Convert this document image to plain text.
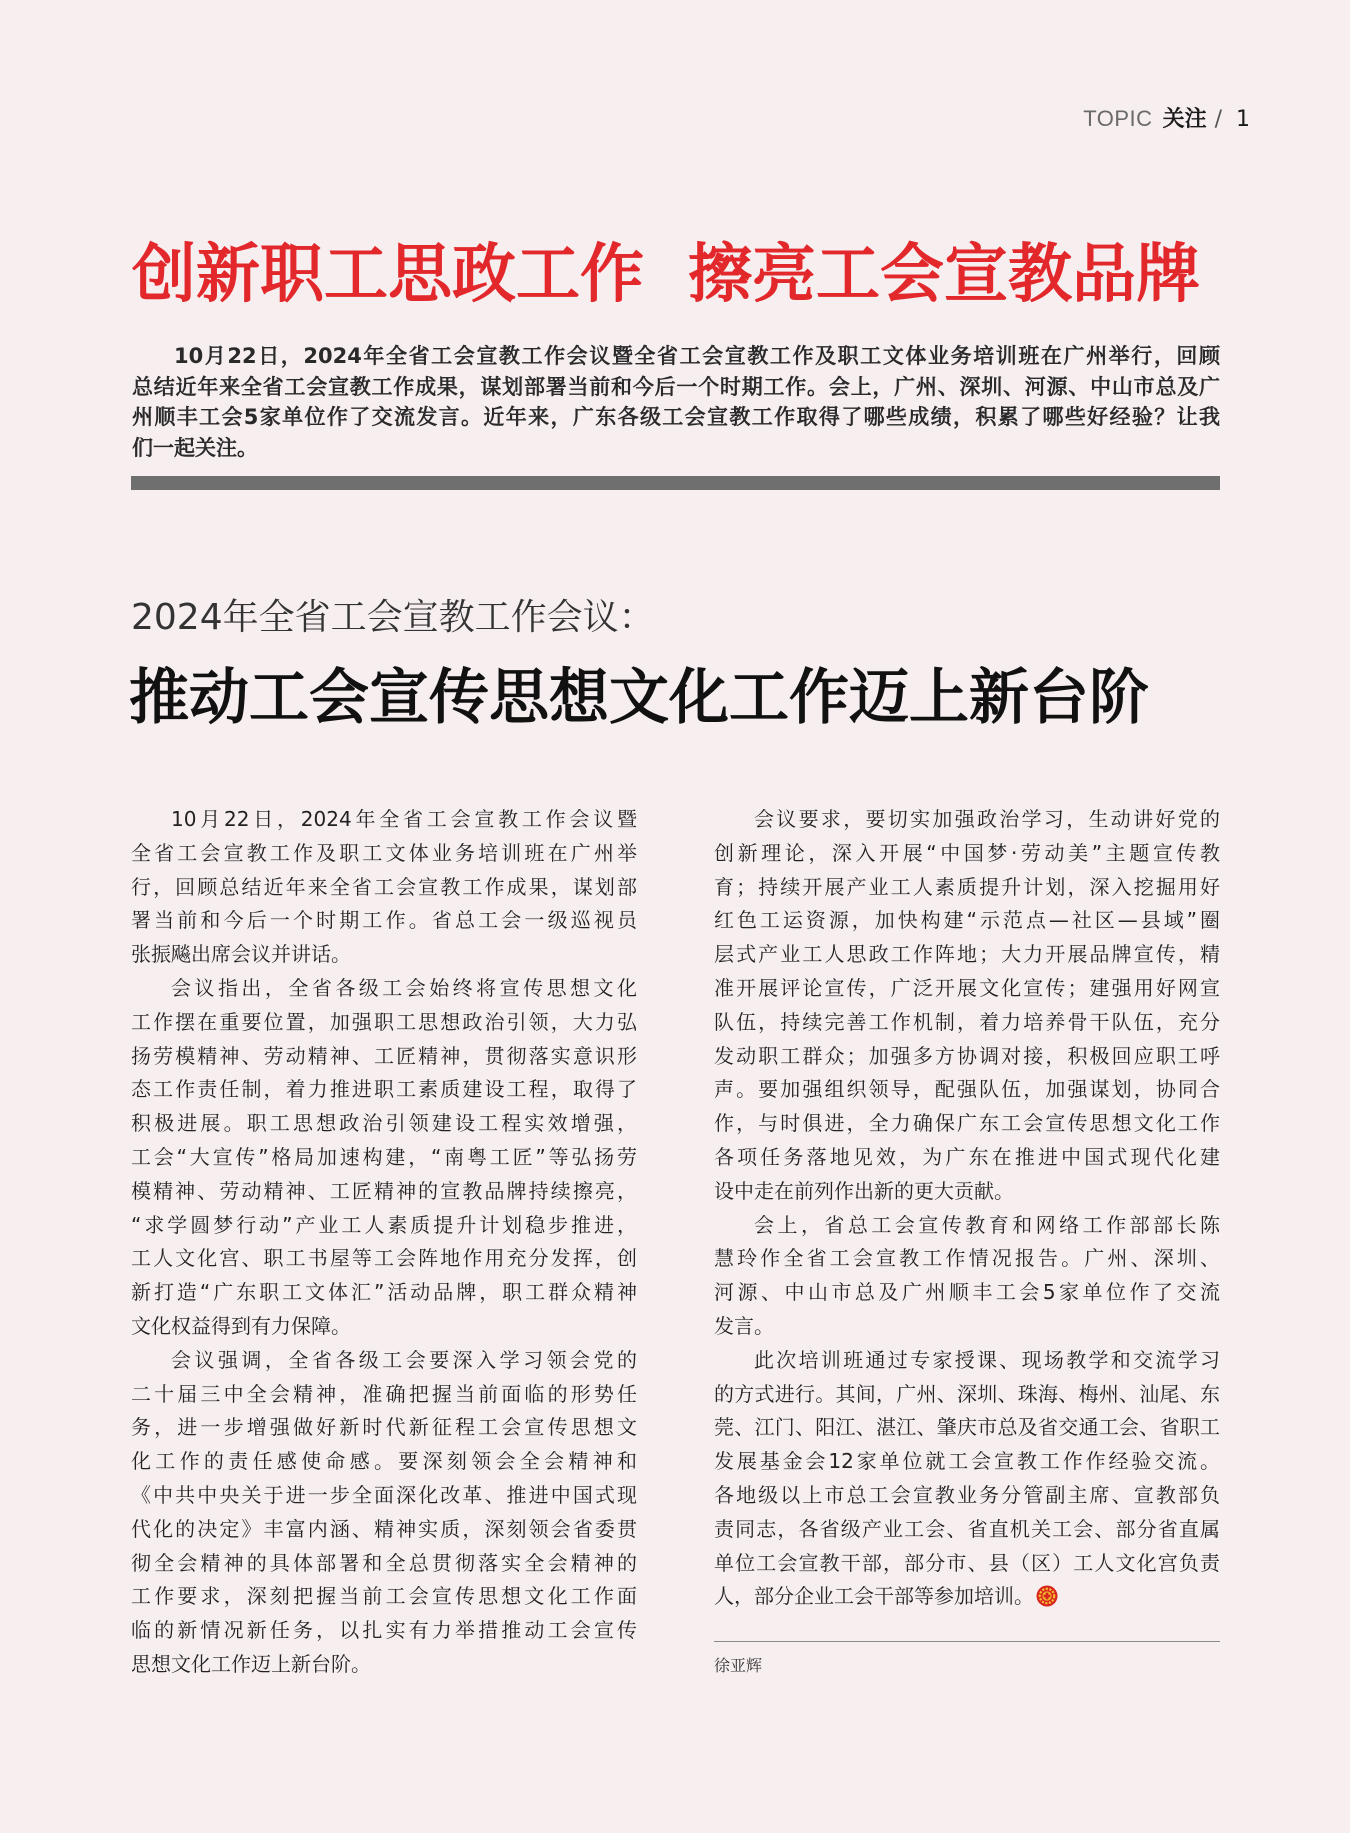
TOPIC 关注 / 1
创新职工思政工作 擦亮工会宣教品牌
10月22日，2024年全省工会宣教工作会议暨全省工会宣教工作及职工文体业务培训班在广州举行，回顾
总结近年来全省工会宣教工作成果，谋划部署当前和今后一个时期工作。会上，广州、深圳、河源、中山市总及广
州顺丰工会5家单位作了交流发言。近年来，广东各级工会宣教工作取得了哪些成绩，积累了哪些好经验？让我
们一起关注。
2024年全省工会宣教工作会议：
推动工会宣传思想文化工作迈上新台阶
10月22日，2024年全省工会宣教工作会议暨
全省工会宣教工作及职工文体业务培训班在广州举
行，回顾总结近年来全省工会宣教工作成果，谋划部
署当前和今后一个时期工作。省总工会一级巡视员
张振飚出席会议并讲话。
会议指出，全省各级工会始终将宣传思想文化
工作摆在重要位置，加强职工思想政治引领，大力弘
扬劳模精神、劳动精神、工匠精神，贯彻落实意识形
态工作责任制，着力推进职工素质建设工程，取得了
积极进展。职工思想政治引领建设工程实效增强，
工会“大宣传”格局加速构建，“南粤工匠”等弘扬劳
模精神、劳动精神、工匠精神的宣教品牌持续擦亮，
“求学圆梦行动”产业工人素质提升计划稳步推进，
工人文化宫、职工书屋等工会阵地作用充分发挥，创
新打造“广东职工文体汇”活动品牌，职工群众精神
文化权益得到有力保障。
会议强调，全省各级工会要深入学习领会党的
二十届三中全会精神，准确把握当前面临的形势任
务，进一步增强做好新时代新征程工会宣传思想文
化工作的责任感使命感。要深刻领会全会精神和
《中共中央关于进一步全面深化改革、推进中国式现
代化的决定》丰富内涵、精神实质，深刻领会省委贯
彻全会精神的具体部署和全总贯彻落实全会精神的
工作要求，深刻把握当前工会宣传思想文化工作面
临的新情况新任务，以扎实有力举措推动工会宣传
思想文化工作迈上新台阶。
会议要求，要切实加强政治学习，生动讲好党的
创新理论，深入开展“中国梦·劳动美”主题宣传教
育；持续开展产业工人素质提升计划，深入挖掘用好
红色工运资源，加快构建“示范点—社区—县域”圈
层式产业工人思政工作阵地；大力开展品牌宣传，精
准开展评论宣传，广泛开展文化宣传；建强用好网宣
队伍，持续完善工作机制，着力培养骨干队伍，充分
发动职工群众；加强多方协调对接，积极回应职工呼
声。要加强组织领导，配强队伍，加强谋划，协同合
作，与时俱进，全力确保广东工会宣传思想文化工作
各项任务落地见效，为广东在推进中国式现代化建
设中走在前列作出新的更大贡献。
会上，省总工会宣传教育和网络工作部部长陈
慧玲作全省工会宣教工作情况报告。广州、深圳、
河源、中山市总及广州顺丰工会5家单位作了交流
发言。
此次培训班通过专家授课、现场教学和交流学习
的方式进行。其间，广州、深圳、珠海、梅州、汕尾、东
莞、江门、阳江、湛江、肇庆市总及省交通工会、省职工
发展基金会12家单位就工会宣教工作作经验交流。
各地级以上市总工会宣教业务分管副主席、宣教部负
责同志，各省级产业工会、省直机关工会、部分省直属
单位工会宣教干部，部分市、县（区）工人文化宫负责
人，部分企业工会干部等参加培训。
徐亚辉
